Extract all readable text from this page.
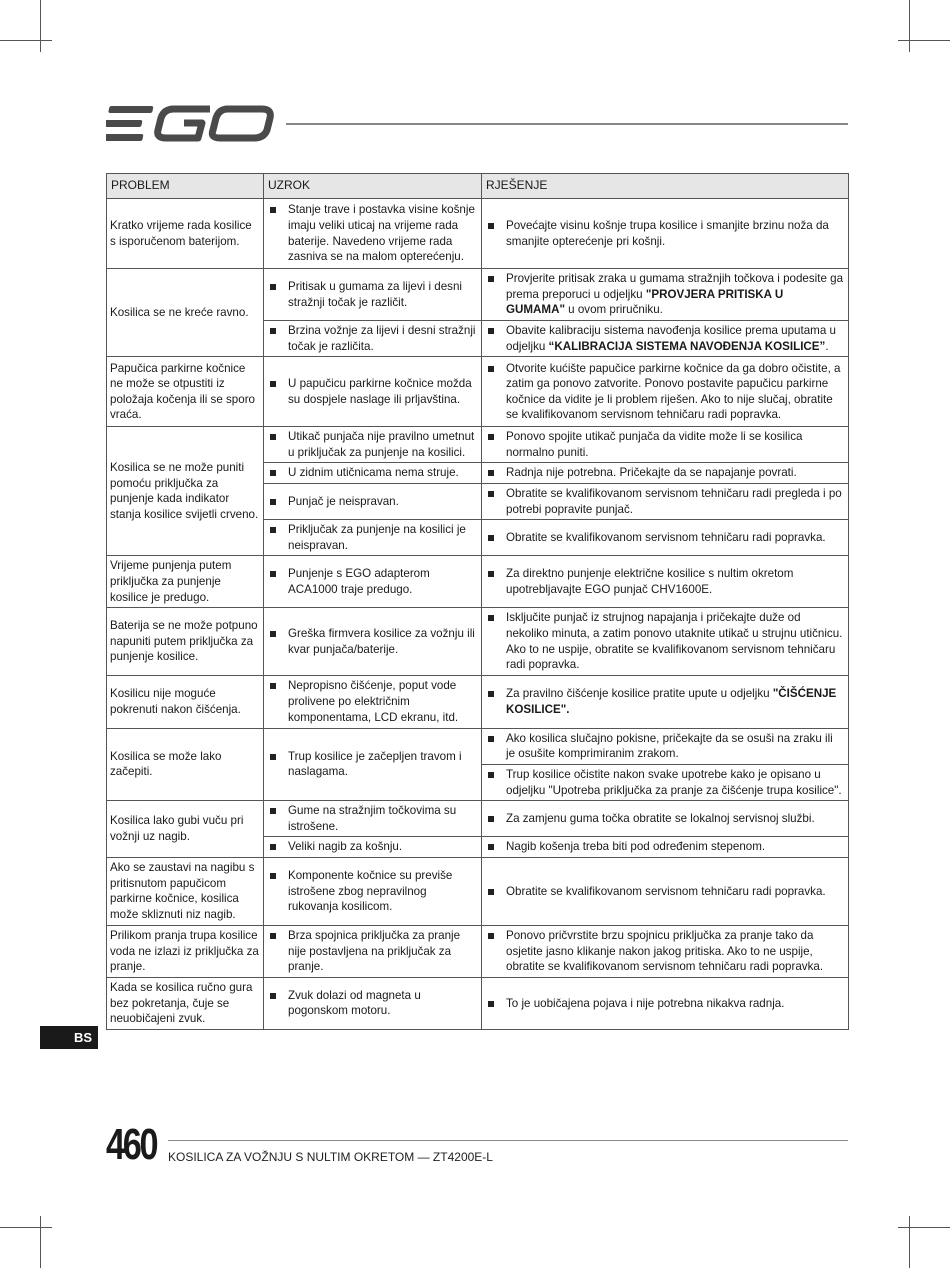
PROBLEM	UZROK	RJEŠENJE
Kratko vrijeme rada kosilice s isporučenom baterijom.	Stanje trave i postavka visine košnje imaju veliki uticaj na vrijeme rada baterije. Navedeno vrijeme rada zasniva se na malom opterećenju.	Povećajte visinu košnje trupa kosilice i smanjite brzinu noža da smanjite opterećenje pri košnji.

Kosilica se ne kreće ravno.	Pritisak u gumama za lijevi i desni stražnji točak je različit.	Provjerite pritisak zraka u gumama stražnjih točkova i podesite ga prema preporuci u odjeljku "PROVJERA PRITISKA U GUMAMA" u ovom priručniku.

	Brzina vožnje za lijevi i desni stražnji točak je različita.	Obavite kalibraciju sistema navođenja kosilice prema uputama u odjeljku “KALIBRACIJA SISTEMA NAVOĐENJA KOSILICE”.

Papučica parkirne kočnice ne može se otpustiti iz položaja kočenja ili se sporo vraća.	U papučicu parkirne kočnice možda su dospjele naslage ili prljavština.	Otvorite kućište papučice parkirne kočnice da ga dobro očistite, a zatim ga ponovo zatvorite. Ponovo postavite papučicu parkirne kočnice da vidite je li problem riješen. Ako to nije slučaj, obratite se kvalifikovanom servisnom tehničaru radi popravka.

Kosilica se ne može puniti pomoću priključka za punjenje kada indikator stanja kosilice svijetli crveno.	Utikač punjača nije pravilno umetnut u priključak za punjenje na kosilici.	Ponovo spojite utikač punjača da vidite može li se kosilica normalno puniti.

	U zidnim utičnicama nema struje.	Radnja nije potrebna. Pričekajte da se napajanje povrati.

	Punjač je neispravan.	Obratite se kvalifikovanom servisnom tehničaru radi pregleda i po potrebi popravite punjač.

	Priključak za punjenje na kosilici je neispravan.	Obratite se kvalifikovanom servisnom tehničaru radi popravka.

Vrijeme punjenja putem priključka za punjenje kosilice je predugo.	Punjenje s EGO adapterom ACA1000 traje predugo.	Za direktno punjenje električne kosilice s nultim okretom upotrebljavajte EGO punjač CHV1600E.

Baterija se ne može potpuno napuniti putem priključka za punjenje kosilice.	Greška firmvera kosilice za vožnju ili kvar punjača/baterije.	Isključite punjač iz strujnog napajanja i pričekajte duže od nekoliko minuta, a zatim ponovo utaknite utikač u strujnu utičnicu. Ako to ne uspije, obratite se kvalifikovanom servisnom tehničaru radi popravka.

Kosilicu nije moguće pokrenuti nakon čišćenja.	Nepropisno čišćenje, poput vode prolivene po električnim komponentama, LCD ekranu, itd.	Za pravilno čišćenje kosilice pratite upute u odjeljku "ČIŠĆENJE KOSILICE".

Kosilica se može lako začepiti.	Trup kosilice je začepljen travom i naslagama.	Ako kosilica slučajno pokisne, pričekajte da se osuši na zraku ili je osušite komprimiranim zrakom.

		Trup kosilice očistite nakon svake upotrebe kako je opisano u odjeljku "Upotreba priključka za pranje za čišćenje trupa kosilice".

Kosilica lako gubi vuču pri vožnji uz nagib.	Gume na stražnjim točkovima su istrošene.	Za zamjenu guma točka obratite se lokalnoj servisnoj službi.

	Veliki nagib za košnju.	Nagib košenja treba biti pod određenim stepenom.

Ako se zaustavi na nagibu s pritisnutom papučicom parkirne kočnice, kosilica može skliznuti niz nagib.	Komponente kočnice su previše istrošene zbog nepravilnog rukovanja kosilicom.	Obratite se kvalifikovanom servisnom tehničaru radi popravka.

Prilikom pranja trupa kosilice voda ne izlazi iz priključka za pranje.	Brza spojnica priključka za pranje nije postavljena na priključak za pranje.	Ponovo pričvrstite brzu spojnicu priključka za pranje tako da osjetite jasno klikanje nakon jakog pritiska. Ako to ne uspije, obratite se kvalifikovanom servisnom tehničaru radi popravka.

Kada se kosilica ručno gura bez pokretanja, čuje se neuobičajeni zvuk.	Zvuk dolazi od magneta u pogonskom motoru.	To je uobičajena pojava i nije potrebna nikakva radnja.
BS
460 KOSILICA ZA VOŽNJU S NULTIM OKRETOM — ZT4200E-L
